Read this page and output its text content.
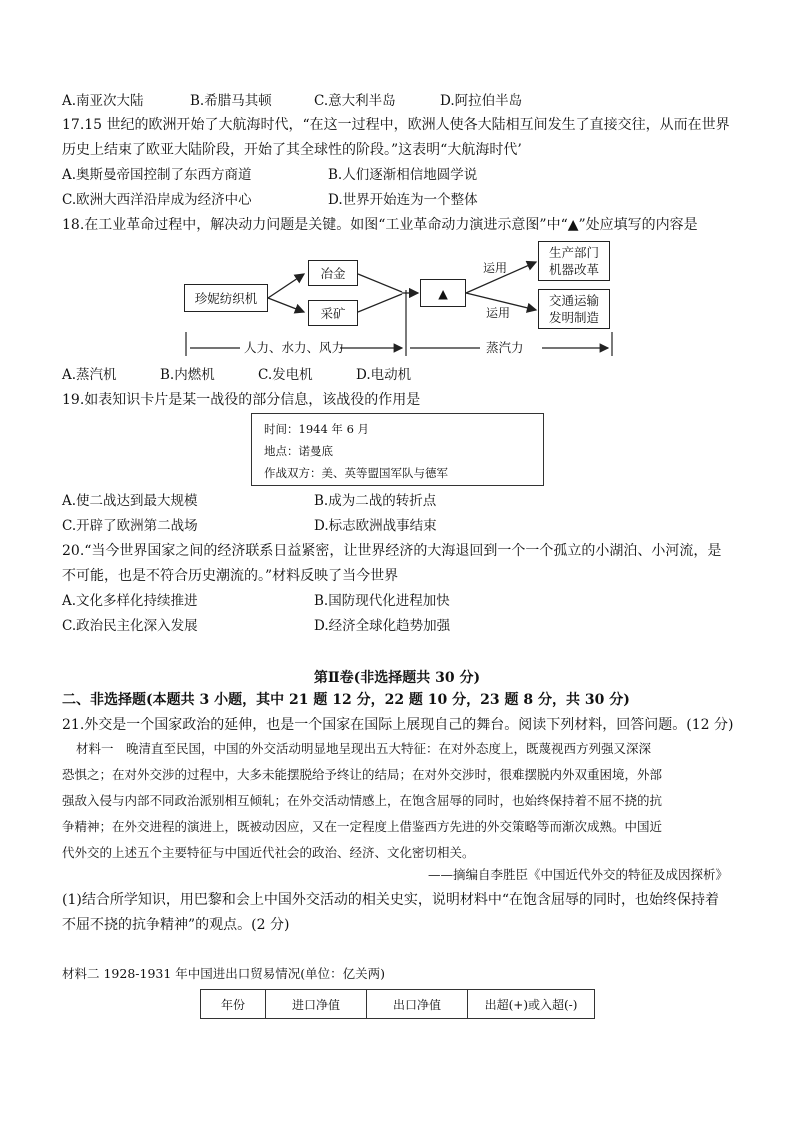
A.南亚次大陆	B.希腊马其顿	C.意大利半岛	D.阿拉伯半岛
17.15 世纪的欧洲开始了大航海时代，“在这一过程中，欧洲人使各大陆相互间发生了直接交往，从而在世界
历史上结束了欧亚大陆阶段，开始了其全球性的阶段。”这表明“大航海时代’
A.奥斯曼帝国控制了东西方商道	B.人们逐渐相信地圆学说
C.欧洲大西洋沿岸成为经济中心	D.世界开始连为一个整体
18.在工业革命过程中，解决动力问题是关键。如图“工业革命动力演进示意图”中“▲”处应填写的内容是
珍妮纺织机
冶金
采矿
▲
运用
运用
生产部门
机器改革
交通运输
发明制造
人力、水力、风力	蒸汽力
A.蒸汽机	B.内燃机	C.发电机	D.电动机
19.如表知识卡片是某一战役的部分信息，该战役的作用是
时间：1944 年 6 月
地点：诺曼底
作战双方：美、英等盟国军队与德军
A.使二战达到最大规模	B.成为二战的转折点
C.开辟了欧洲第二战场	D.标志欧洲战事结束
20.“当今世界国家之间的经济联系日益紧密，让世界经济的大海退回到一个一个孤立的小湖泊、小河流，是
不可能，也是不符合历史潮流的。”材料反映了当今世界
A.文化多样化持续推进	B.国防现代化进程加快
C.政治民主化深入发展	D.经济全球化趋势加强
第Ⅱ卷(非选择题共 30 分)
二、非选择题(本题共 3 小题，其中 21 题 12 分，22 题 10 分，23 题 8 分，共 30 分)
21.外交是一个国家政治的延伸，也是一个国家在国际上展现自己的舞台。阅读下列材料，回答问题。(12 分)
材料一　晚清直至民国，中国的外交活动明显地呈现出五大特征：在对外态度上，既蔑视西方列强又深深
恐惧之；在对外交涉的过程中，大多未能摆脱给予终让的结局；在对外交涉时，很难摆脱内外双重困境，外部
强敌入侵与内部不同政治派别相互倾轧；在外交活动情感上，在饱含屈辱的同时，也始终保持着不屈不挠的抗
争精神；在外交进程的演进上，既被动因应，又在一定程度上借鉴西方先进的外交策略等而渐次成熟。中国近
代外交的上述五个主要特征与中国近代社会的政治、经济、文化密切相关。
——摘编自李胜臣《中国近代外交的特征及成因探析》
(1)结合所学知识，用巴黎和会上中国外交活动的相关史实，说明材料中“在饱含屈辱的同时，也始终保持着
不屈不挠的抗争精神”的观点。(2 分)
材料二 1928-1931 年中国进出口贸易情况(单位：亿关两)
年份	进口净值	出口净值	出超(+)或入超(-)
